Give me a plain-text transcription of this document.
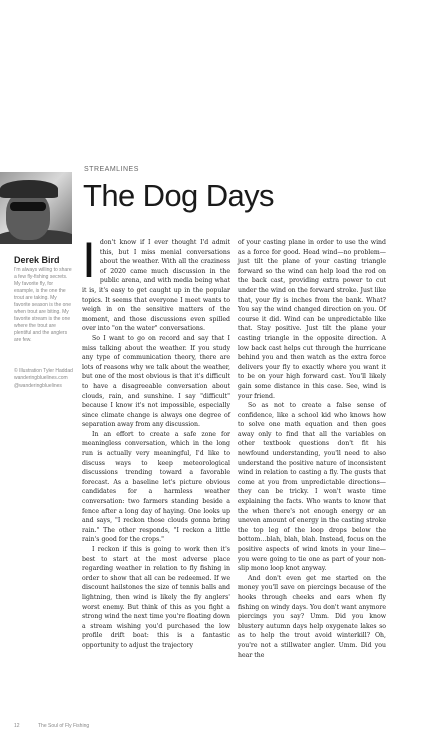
Derek Bird
I'm always willing to share a few fly-fishing secrets. My favorite fly, for example, is the one the trout are taking. My favorite season is the one when trout are biting. My favorite stream is the one where the trout are plentiful and the anglers are few.
© Illustration Tyler Haddad wanderingbluelines.com @wanderingbluelines
STREAMLINES
The Dog Days

Idon't know if I ever thought I'd admit this, but I miss menial conversations about the weather. With all the craziness of 2020 came much discussion in the public arena, and with media being what it is, it's easy to get caught up in the popular topics. It seems that everyone I meet wants to weigh in on the sensitive matters of the moment, and those discussions even spilled over into "on the water" conversations.

So I want to go on record and say that I miss talking about the weather. If you study any type of communication theory, there are lots of reasons why we talk about the weather, but one of the most obvious is that it's difficult to have a disagreeable conversation about clouds, rain, and sunshine. I say "difficult" because I know it's not impossible, especially since climate change is always one degree of separation away from any discussion.

In an effort to create a safe zone for meaningless conversation, which in the long run is actually very meaningful, I'd like to discuss ways to keep meteorological discussions trending toward a favorable forecast. As a baseline let's picture obvious candidates for a harmless weather conversation: two farmers standing beside a fence after a long day of haying. One looks up and says, "I reckon those clouds gonna bring rain." The other responds, "I reckon a little rain's good for the crops."

I reckon if this is going to work then it's best to start at the most adverse place regarding weather in relation to fly fishing in order to show that all can be redeemed. If we discount hailstones the size of tennis balls and lightning, then wind is likely the fly anglers' worst enemy. But think of this as you fight a strong wind the next time you're floating down a stream wishing you'd purchased the low profile drift boat: this is a fantastic opportunity to adjust the trajectory

of your casting plane in order to use the wind as a force for good. Head wind—no problem—just tilt the plane of your casting triangle forward so the wind can help load the rod on the back cast, providing extra power to cut under the wind on the forward stroke. Just like that, your fly is inches from the bank. What? You say the wind changed direction on you. Of course it did. Wind can be unpredictable like that. Stay positive. Just tilt the plane your casting triangle in the opposite direction. A low back cast helps cut through the hurricane behind you and then watch as the extra force delivers your fly to exactly where you want it to be on your high forward cast. You'll likely gain some distance in this case. See, wind is your friend.

So as not to create a false sense of confidence, like a school kid who knows how to solve one math equation and then goes away only to find that all the variables on other textbook questions don't fit his newfound understanding, you'll need to also understand the positive nature of inconsistent wind in relation to casting a fly. The gusts that come at you from unpredictable directions—they can be tricky. I won't waste time explaining the facts. Who wants to know that the when there's not enough energy or an uneven amount of energy in the casting stroke the top leg of the loop drops below the bottom…blah, blah, blah. Instead, focus on the positive aspects of wind knots in your line—you were going to tie one as part of your non-slip mono loop knot anyway.

And don't even get me started on the money you'll save on piercings because of the hooks through cheeks and ears when fly fishing on windy days. You don't want anymore piercings you say? Umm. Did you know blustery autumn days help oxygenate lakes so as to help the trout avoid winterkill? Oh, you're not a stillwater angler. Umm. Did you hear the

12	The Soul of Fly Fishing
